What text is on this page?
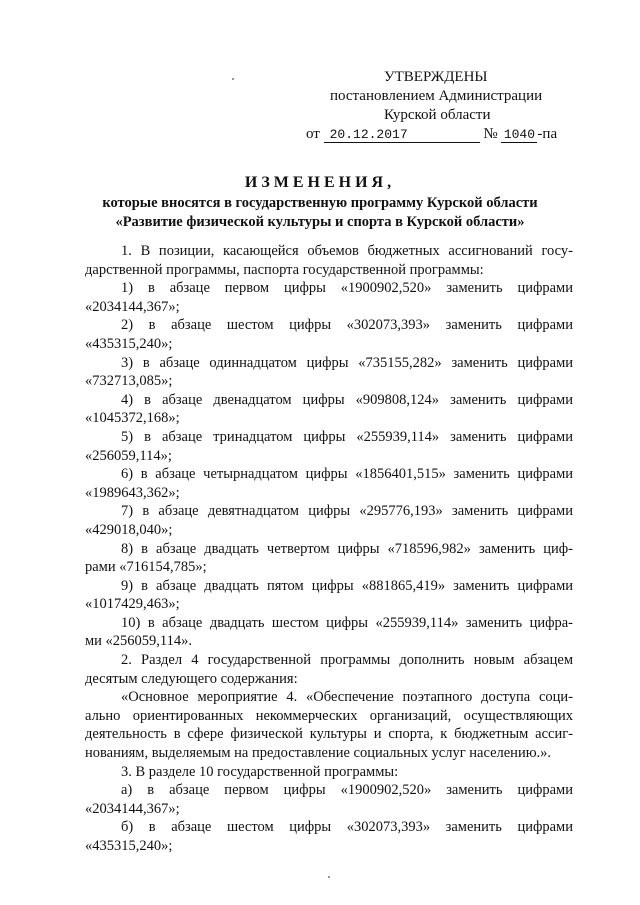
УТВЕРЖДЕНЫ
постановлением Администрации
Курской области
от 20.12.2017	№ 1040 -па
ИЗМЕНЕНИЯ,
которые вносятся в государственную программу Курской области
«Развитие физической культуры и спорта в Курской области»

1. В позиции, касающейся объемов бюджетных ассигнований госу-

дарственной программы, паспорта государственной программы:

1) в абзаце первом цифры «1900902,520» заменить цифрами

«2034144,367»;

2) в абзаце шестом цифры «302073,393» заменить цифрами

«435315,240»;

3) в абзаце одиннадцатом цифры «735155,282» заменить цифрами

«732713,085»;

4) в абзаце двенадцатом цифры «909808,124» заменить цифрами

«1045372,168»;

5) в абзаце тринадцатом цифры «255939,114» заменить цифрами

«256059,114»;

6) в абзаце четырнадцатом цифры «1856401,515» заменить цифрами

«1989643,362»;

7) в абзаце девятнадцатом цифры «295776,193» заменить цифрами

«429018,040»;

8) в абзаце двадцать четвертом цифры «718596,982» заменить циф-

рами «716154,785»;

9) в абзаце двадцать пятом цифры «881865,419» заменить цифрами

«1017429,463»;

10) в абзаце двадцать шестом цифры «255939,114» заменить цифра-

ми «256059,114».

2. Раздел 4 государственной программы дополнить новым абзацем

десятым следующего содержания:

«Основное мероприятие 4. «Обеспечение поэтапного доступа соци-

ально ориентированных некоммерческих организаций, осуществляющих

деятельность в сфере физической культуры и спорта, к бюджетным ассиг-

нованиям, выделяемым на предоставление социальных услуг населению.».

3. В разделе 10 государственной программы:

а) в абзаце первом цифры «1900902,520» заменить цифрами

«2034144,367»;

б) в абзаце шестом цифры «302073,393» заменить цифрами

«435315,240»;
